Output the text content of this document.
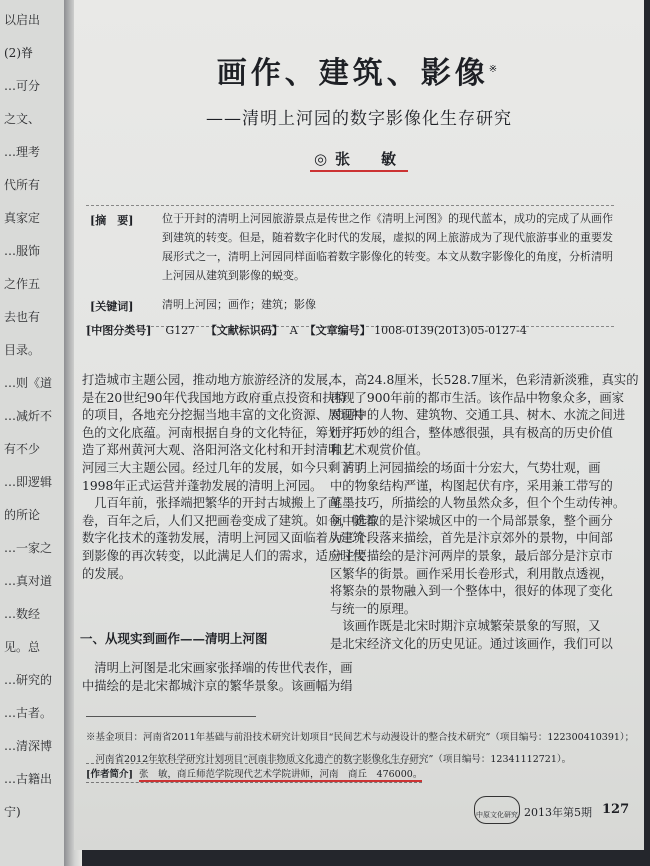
以启出
(2)脊
…可分
之文、
…理考
代所有
真家定
…服饰
之作五
去也有
目录。
…则《道
…减炘不
有不少
…即逻辑
的所论
…一家之
…真对道
…数经
见。总
…研究的
…古者。
…清深博
…古籍出
宁)
画作、建筑、影像※
——清明上河园的数字影像化生存研究
◎张　敏
[摘　要]	位于开封的清明上河园旅游景点是传世之作《清明上河图》的现代蓝本，成功的完成了从画作
到建筑的转变。但是，随着数字化时代的发展，虚拟的网上旅游成为了现代旅游事业的重要发
展形式之一，清明上河园同样面临着数字影像化的转变。本文从数字影像化的角度，分析清明
上河园从建筑到影像的蜕变。
[关键词]	清明上河园；画作；建筑；影像
[中图分类号] G127 【文献标识码】 A 【文章编号】 1008-0139(2013)05-0127-4

打造城市主题公园，推动地方旅游经济的发展，

是在20世纪90年代我国地方政府重点投资和扶持

的项目，各地充分挖掘当地丰富的文化资源、展现特

色的文化底蕴。河南根据自身的文化特征，筹划并打

造了郑州黄河大观、洛阳河洛文化村和开封清明上

河园三大主题公园。经过几年的发展，如今只剩下了

1998年正式运营并蓬勃发展的清明上河园。

　几百年前，张择端把繁华的开封古城搬上了画

卷，百年之后，人们又把画卷变成了建筑。如今，随着

数字化技术的蓬勃发展，清明上河园又面临着从建筑

到影像的再次转变，以此满足人们的需求，适应时代

的发展。

一、从现实到画作——清明上河图

　清明上河图是北宋画家张择端的传世代表作，画

中描绘的是北宋都城汴京的繁华景象。该画幅为绢

本，高24.8厘米，长528.7厘米，色彩清新淡雅，真实的

再现了900年前的都市生活。该作品中物象众多，画家

对画中的人物、建筑物、交通工具、树木、水流之间进

行了巧妙的组合，整体感很强，具有极高的历史价值

和艺术观赏价值。

　清明上河园描绘的场面十分宏大，气势壮观，画

中的物象结构严谨，构图起伏有序，采用兼工带写的

笔墨技巧，所描绘的人物虽然众多，但个个生动传神。

画中选取的是汴梁城区中的一个局部景象，整个画分

为三个段落来描绘，首先是汴京郊外的景物，中间部

分主要描绘的是汴河两岸的景象，最后部分是汴京市

区繁华的街景。画作采用长卷形式，利用散点透视，

将繁杂的景物融入到一个整体中，很好的体现了变化

与统一的原理。

　该画作既是北宋时期汴京城繁荣景象的写照，又

是北宋经济文化的历史见证。通过该画作，我们可以

※基金项目：河南省2011年基础与前沿技术研究计划项目“民间艺术与动漫设计的整合技术研究”（项目编号：122300410391）；

　河南省2012年软科学研究计划项目“河南非物质文化遗产的数字影像化生存研究”（项目编号：12341112721）。

[作者简介] 张　敏，商丘师范学院现代艺术学院讲师，河南　商丘　476000。
中原文化研究 2013年第5期 127
